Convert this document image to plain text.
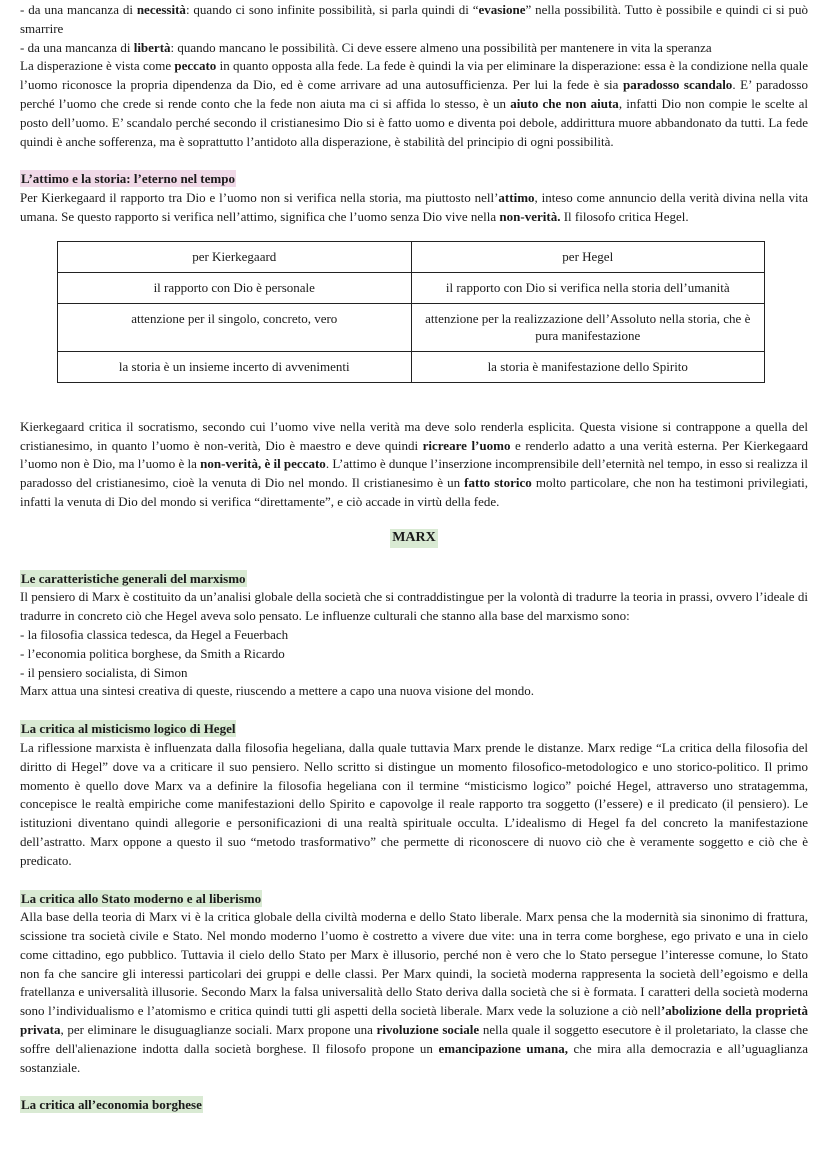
- da una mancanza di necessità: quando ci sono infinite possibilità, si parla quindi di “evasione” nella possibilità. Tutto è possibile e quindi ci si può smarrire

- da una mancanza di libertà: quando mancano le possibilità. Ci deve essere almeno una possibilità per mantenere in vita la speranza

La disperazione è vista come peccato in quanto opposta alla fede. La fede è quindi la via per eliminare la disperazione: essa è la condizione nella quale l’uomo riconosce la propria dipendenza da Dio, ed è come arrivare ad una autosufficienza. Per lui la fede è sia paradosso scandalo. E’ paradosso perché l’uomo che crede si rende conto che la fede non aiuta ma ci si affida lo stesso, è un aiuto che non aiuta, infatti Dio non compie le scelte al posto dell’uomo. E’ scandalo perché secondo il cristianesimo Dio si è fatto uomo e diventa poi debole, addirittura muore abbandonato da tutti. La fede quindi è anche sofferenza, ma è soprattutto l’antidoto alla disperazione, è stabilità del principio di ogni possibilità.

L’attimo e la storia: l’eterno nel tempo

Per Kierkegaard il rapporto tra Dio e l’uomo non si verifica nella storia, ma piuttosto nell’attimo, inteso come annuncio della verità divina nella vita umana. Se questo rapporto si verifica nell’attimo, significa che l’uomo senza Dio vive nella non-verità. Il filosofo critica Hegel.

per Kierkegaard	per Hegel
il rapporto con Dio è personale	il rapporto con Dio si verifica nella storia dell’umanità
attenzione per il singolo, concreto, vero	attenzione per la realizzazione dell’Assoluto nella storia, che è pura manifestazione
la storia è un insieme incerto di avvenimenti	la storia è manifestazione dello Spirito

Kierkegaard critica il socratismo, secondo cui l’uomo vive nella verità ma deve solo renderla esplicita. Questa visione si contrappone a quella del cristianesimo, in quanto l’uomo è non-verità, Dio è maestro e deve quindi ricreare l’uomo e renderlo adatto a una verità esterna. Per Kierkegaard l’uomo non è Dio, ma l’uomo è la non-verità, è il peccato. L’attimo è dunque l’inserzione incomprensibile dell’eternità nel tempo, in esso si realizza il paradosso del cristianesimo, cioè la venuta di Dio nel mondo. Il cristianesimo è un fatto storico molto particolare, che non ha testimoni privilegiati, infatti la venuta di Dio del mondo si verifica “direttamente”, e ciò accade in virtù della fede.

MARX
Le caratteristiche generali del marxismo

Il pensiero di Marx è costituito da un’analisi globale della società che si contraddistingue per la volontà di tradurre la teoria in prassi, ovvero l’ideale di tradurre in concreto ciò che Hegel aveva solo pensato. Le influenze culturali che stanno alla base del marxismo sono:

- la filosofia classica tedesca, da Hegel a Feuerbach

- l’economia politica borghese, da Smith a Ricardo

- il pensiero socialista, di Simon

Marx attua una sintesi creativa di queste, riuscendo a mettere a capo una nuova visione del mondo.

La critica al misticismo logico di Hegel

La riflessione marxista è influenzata dalla filosofia hegeliana, dalla quale tuttavia Marx prende le distanze. Marx redige “La critica della filosofia del diritto di Hegel” dove va a criticare il suo pensiero. Nello scritto si distingue un momento filosofico-metodologico e uno storico-politico. Il primo momento è quello dove Marx va a definire la filosofia hegeliana con il termine “misticismo logico” poiché Hegel, attraverso uno stratagemma, concepisce le realtà empiriche come manifestazioni dello Spirito e capovolge il reale rapporto tra soggetto (l’essere) e il predicato (il pensiero). Le istituzioni diventano quindi allegorie e personificazioni di una realtà spirituale occulta. L’idealismo di Hegel fa del concreto la manifestazione dell’astratto. Marx oppone a questo il suo “metodo trasformativo” che permette di riconoscere di nuovo ciò che è veramente soggetto e ciò che è predicato.

La critica allo Stato moderno e al liberismo

Alla base della teoria di Marx vi è la critica globale della civiltà moderna e dello Stato liberale. Marx pensa che la modernità sia sinonimo di frattura, scissione tra società civile e Stato. Nel mondo moderno l’uomo è costretto a vivere due vite: una in terra come borghese, ego privato e una in cielo come cittadino, ego pubblico. Tuttavia il cielo dello Stato per Marx è illusorio, perché non è vero che lo Stato persegue l’interesse comune, lo Stato non fa che sancire gli interessi particolari dei gruppi e delle classi. Per Marx quindi, la società moderna rappresenta la società dell’egoismo e della fratellanza e universalità illusorie. Secondo Marx la falsa universalità dello Stato deriva dalla società che si è formata. I caratteri della società moderna sono l’individualismo e l’atomismo e critica quindi tutti gli aspetti della società liberale. Marx vede la soluzione a ciò nell’abolizione della proprietà privata, per eliminare le disuguaglianze sociali. Marx propone una rivoluzione sociale nella quale il soggetto esecutore è il proletariato, la classe che soffre dell'alienazione indotta dalla società borghese. Il filosofo propone un emancipazione umana, che mira alla democrazia e all’uguaglianza sostanziale.

La critica all’economia borghese
